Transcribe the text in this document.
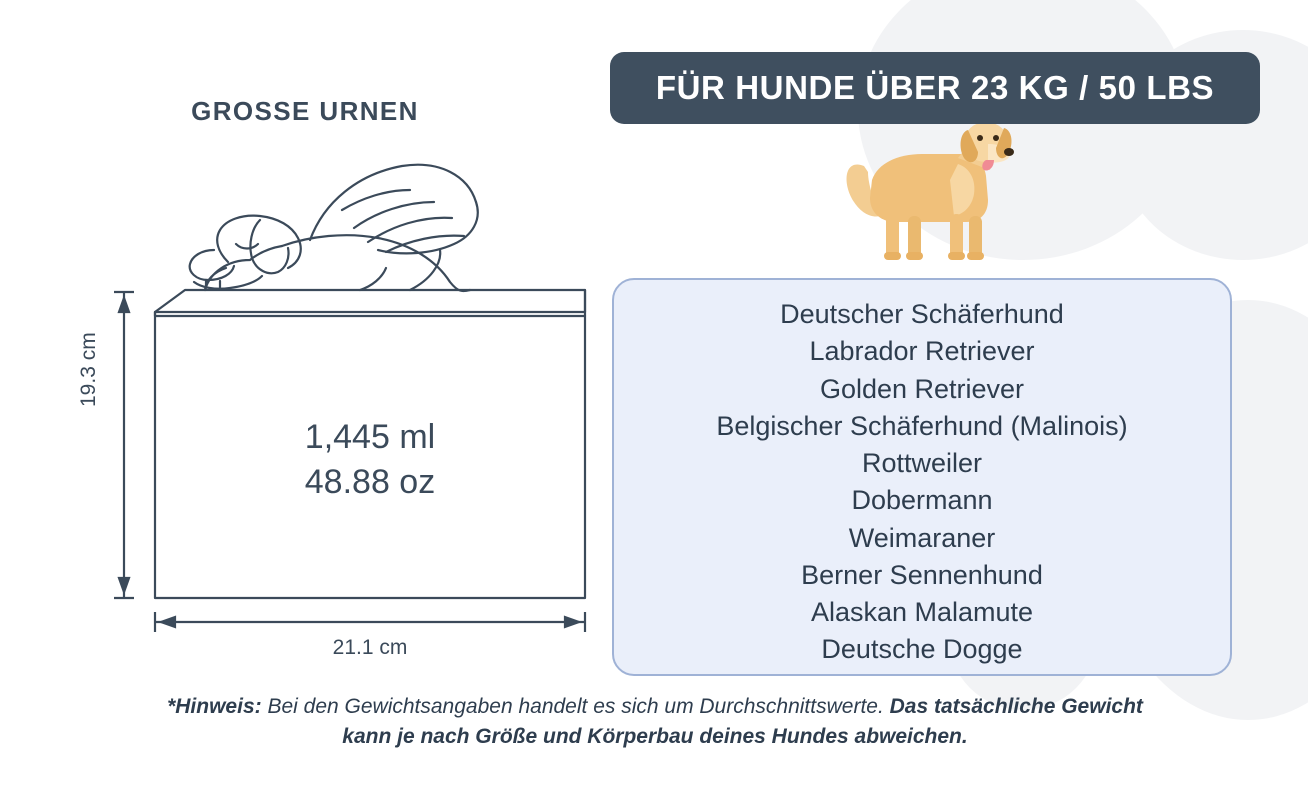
GROSSE URNEN
19.3 cm
21.1 cm
1,445 ml
48.88 oz
FÜR HUNDE ÜBER 23 KG / 50 LBS
Deutscher Schäferhund
Labrador Retriever
Golden Retriever
Belgischer Schäferhund (Malinois)
Rottweiler
Dobermann
Weimaraner
Berner Sennenhund
Alaskan Malamute
Deutsche Dogge
*Hinweis: Bei den Gewichtsangaben handelt es sich um Durchschnittswerte. Das tatsächliche Gewicht kann je nach Größe und Körperbau deines Hundes abweichen.
